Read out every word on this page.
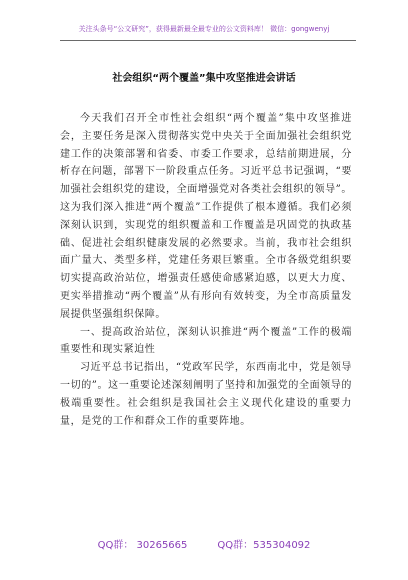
关注头条号“公文研究”，获得最新最全最专业的公文资料库！ 微信：gongwenyj
社会组织“两个覆盖”集中攻坚推进会讲话

今天我们召开全市性社会组织“两个覆盖”集中攻坚推进会，主要任务是深入贯彻落实党中央关于全面加强社会组织党建工作的决策部署和省委、市委工作要求，总结前期进展，分析存在问题，部署下一阶段重点任务。习近平总书记强调，“要加强社会组织党的建设，全面增强党对各类社会组织的领导”。这为我们深入推进“两个覆盖”工作提供了根本遵循。我们必须深刻认识到，实现党的组织覆盖和工作覆盖是巩固党的执政基础、促进社会组织健康发展的必然要求。当前，我市社会组织面广量大、类型多样，党建任务艰巨繁重。全市各级党组织要切实提高政治站位，增强责任感使命感紧迫感，以更大力度、更实举措推动“两个覆盖”从有形向有效转变，为全市高质量发展提供坚强组织保障。

一、提高政治站位，深刻认识推进“两个覆盖”工作的极端重要性和现实紧迫性

习近平总书记指出，“党政军民学，东西南北中，党是领导一切的”。这一重要论述深刻阐明了坚持和加强党的全面领导的极端重要性。社会组织是我国社会主义现代化建设的重要力量，是党的工作和群众工作的重要阵地。

QQ群： 30265665	QQ群：535304092
